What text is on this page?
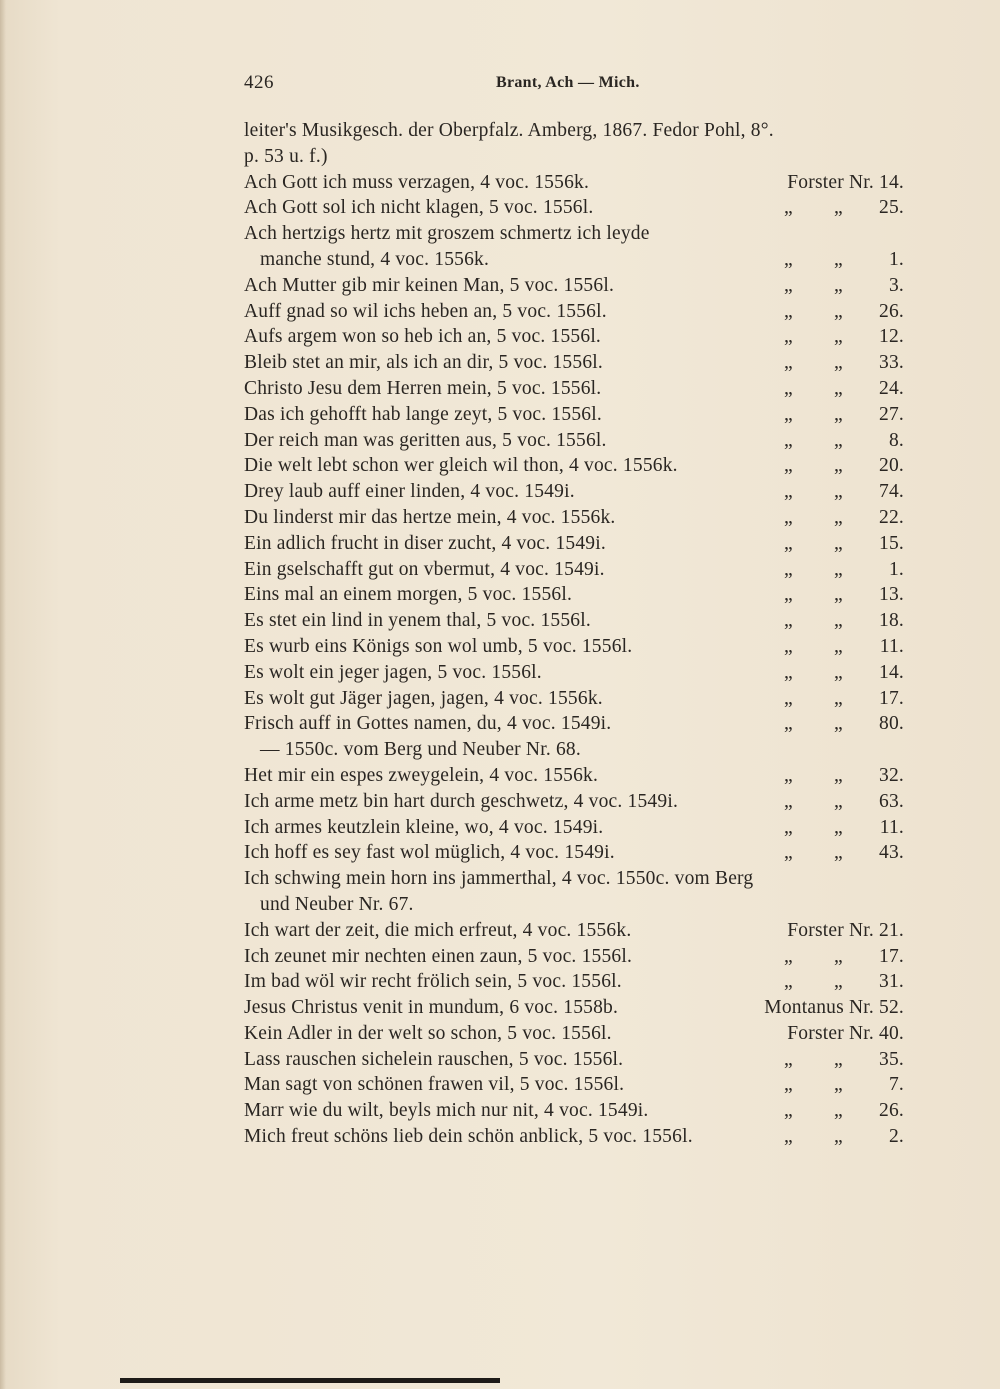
426	Brant, Ach — Mich.
leiter's Musikgesch. der Oberpfalz. Amberg, 1867. Fedor Pohl, 8°.
p. 53 u. f.)
Ach Gott ich muss verzagen, 4 voc. 1556k.	Forster Nr. 14.
Ach Gott sol ich nicht klagen, 5 voc. 1556l.	„ „ 25.
Ach hertzigs hertz mit groszem schmertz ich leyde
manche stund, 4 voc. 1556k.	„ „ 1.
Ach Mutter gib mir keinen Man, 5 voc. 1556l.	„ „ 3.
Auff gnad so wil ichs heben an, 5 voc. 1556l.	„ „ 26.
Aufs argem won so heb ich an, 5 voc. 1556l.	„ „ 12.
Bleib stet an mir, als ich an dir, 5 voc. 1556l.	„ „ 33.
Christo Jesu dem Herren mein, 5 voc. 1556l.	„ „ 24.
Das ich gehofft hab lange zeyt, 5 voc. 1556l.	„ „ 27.
Der reich man was geritten aus, 5 voc. 1556l.	„ „ 8.
Die welt lebt schon wer gleich wil thon, 4 voc. 1556k.	„ „ 20.
Drey laub auff einer linden, 4 voc. 1549i.	„ „ 74.
Du linderst mir das hertze mein, 4 voc. 1556k.	„ „ 22.
Ein adlich frucht in diser zucht, 4 voc. 1549i.	„ „ 15.
Ein gselschafft gut on vbermut, 4 voc. 1549i.	„ „ 1.
Eins mal an einem morgen, 5 voc. 1556l.	„ „ 13.
Es stet ein lind in yenem thal, 5 voc. 1556l.	„ „ 18.
Es wurb eins Königs son wol umb, 5 voc. 1556l.	„ „ 11.
Es wolt ein jeger jagen, 5 voc. 1556l.	„ „ 14.
Es wolt gut Jäger jagen, jagen, 4 voc. 1556k.	„ „ 17.
Frisch auff in Gottes namen, du, 4 voc. 1549i.	„ „ 80.
— 1550c. vom Berg und Neuber Nr. 68.
Het mir ein espes zweygelein, 4 voc. 1556k.	„ „ 32.
Ich arme metz bin hart durch geschwetz, 4 voc. 1549i.	„ „ 63.
Ich armes keutzlein kleine, wo, 4 voc. 1549i.	„ „ 11.
Ich hoff es sey fast wol müglich, 4 voc. 1549i.	„ „ 43.
Ich schwing mein horn ins jammerthal, 4 voc. 1550c. vom Berg
und Neuber Nr. 67.
Ich wart der zeit, die mich erfreut, 4 voc. 1556k.	Forster Nr. 21.
Ich zeunet mir nechten einen zaun, 5 voc. 1556l.	„ „ 17.
Im bad wöl wir recht frölich sein, 5 voc. 1556l.	„ „ 31.
Jesus Christus venit in mundum, 6 voc. 1558b.	Montanus Nr. 52.
Kein Adler in der welt so schon, 5 voc. 1556l.	Forster Nr. 40.
Lass rauschen sichelein rauschen, 5 voc. 1556l.	„ „ 35.
Man sagt von schönen frawen vil, 5 voc. 1556l.	„ „ 7.
Marr wie du wilt, beyls mich nur nit, 4 voc. 1549i.	„ „ 26.
Mich freut schöns lieb dein schön anblick, 5 voc. 1556l.	„ „ 2.
